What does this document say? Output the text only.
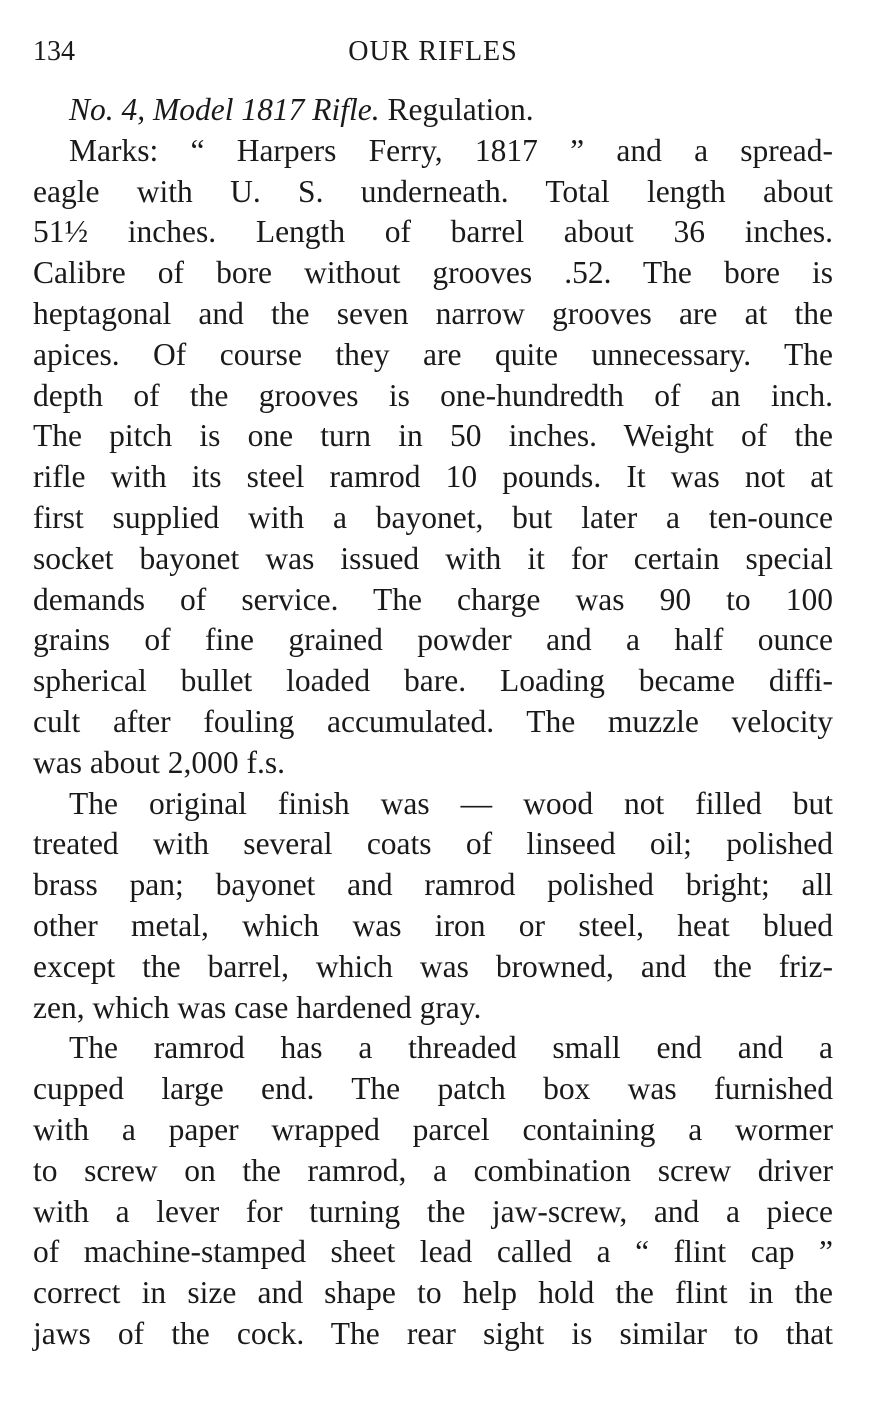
134	OUR RIFLES
No. 4, Model 1817 Rifle. Regulation.
Marks: “ Harpers Ferry, 1817 ” and a spread-
eagle with U. S. underneath. Total length about
51½ inches. Length of barrel about 36 inches.
Calibre of bore without grooves .52. The bore is
heptagonal and the seven narrow grooves are at the
apices. Of course they are quite unnecessary. The
depth of the grooves is one-hundredth of an inch.
The pitch is one turn in 50 inches. Weight of the
rifle with its steel ramrod 10 pounds. It was not at
first supplied with a bayonet, but later a ten-ounce
socket bayonet was issued with it for certain special
demands of service. The charge was 90 to 100
grains of fine grained powder and a half ounce
spherical bullet loaded bare. Loading became diffi-
cult after fouling accumulated. The muzzle velocity
was about 2,000 f.s.
The original finish was — wood not filled but
treated with several coats of linseed oil; polished
brass pan; bayonet and ramrod polished bright; all
other metal, which was iron or steel, heat blued
except the barrel, which was browned, and the friz-
zen, which was case hardened gray.
The ramrod has a threaded small end and a
cupped large end. The patch box was furnished
with a paper wrapped parcel containing a wormer
to screw on the ramrod, a combination screw driver
with a lever for turning the jaw-screw, and a piece
of machine-stamped sheet lead called a “ flint cap ”
correct in size and shape to help hold the flint in the
jaws of the cock. The rear sight is similar to that
